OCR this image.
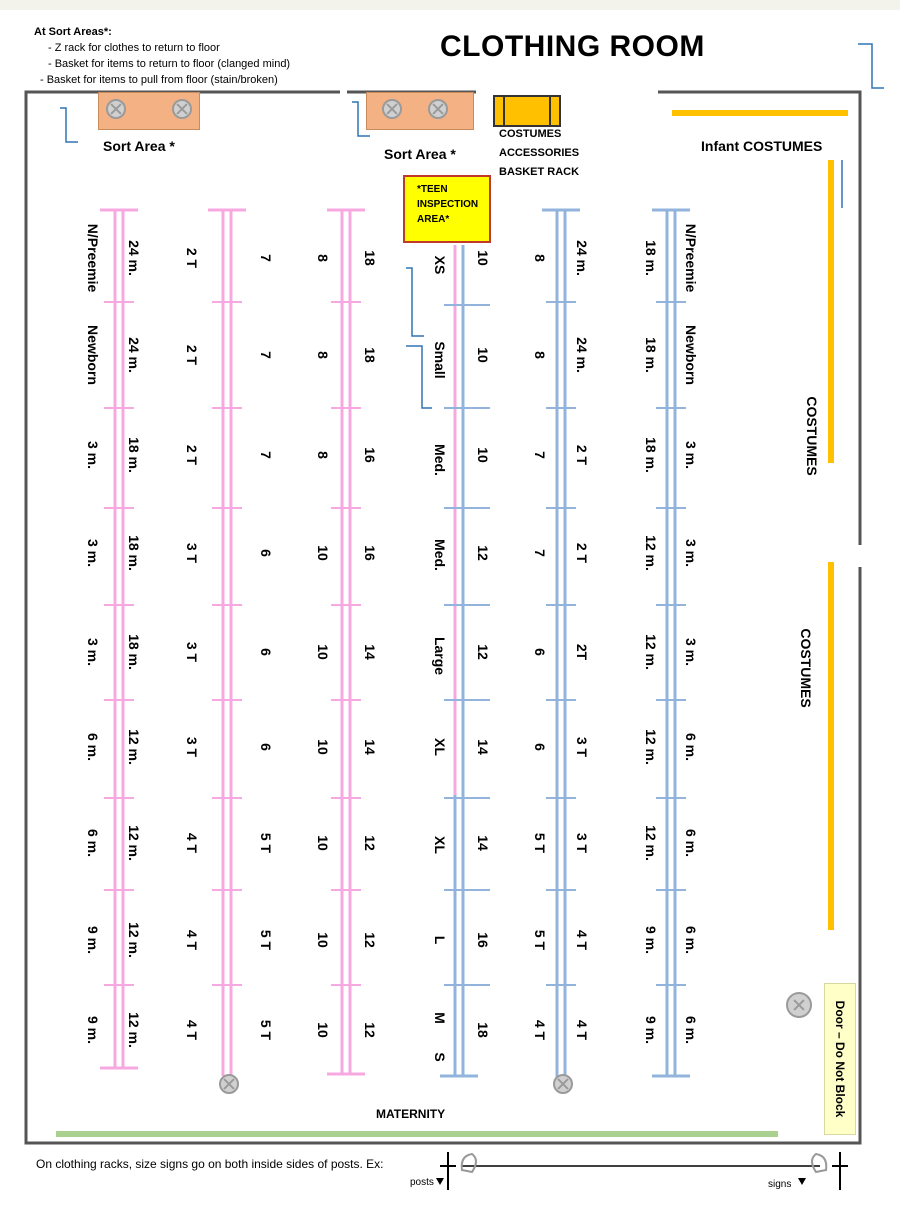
At Sort Areas*:
- Z rack for clothes to return to floor
- Basket for items to return to floor (clanged mind)
- Basket for items to pull from floor (stain/broken)
CLOTHING ROOM
Sort Area *	Sort Area *
COSTUMES
ACCESSORIES
BASKET RACK
Infant COSTUMES
*TEEN
INSPECTION
AREA*
COSTUMES
COSTUMES
MATERNITY	Door – Do Not Block
On clothing racks, size signs go on both inside sides of posts. Ex:
posts	signs
N/Preemie
Newborn
3 m.
3 m.
3 m.
6 m.
6 m.
9 m.
9 m.
24 m.
24 m.
18 m.
18 m.
18 m.
12 m.
12 m.
12 m.
12 m.
2 T
2 T
2 T
3 T
3 T
3 T
4 T
4 T
4 T
7
7
7
6
6
6
5 T
5 T
5 T
8
8
8
10
10
10
10
10
10
18
18
16
16
14
14
12
12
12
XS
Small
Med.
Med.
Large
XL
XL
L
M
S
10
10
10
12
12
14
14
16
18
8
8
7
7
6
6
5 T
5 T
4 T
24 m.
24 m.
2 T
2 T
2T
3 T
3 T
4 T
4 T
18 m.
18 m.
18 m.
12 m.
12 m.
12 m.
12 m.
9 m.
9 m.
N/Preemie
Newborn
3 m.
3 m.
3 m.
6 m.
6 m.
6 m.
6 m.
